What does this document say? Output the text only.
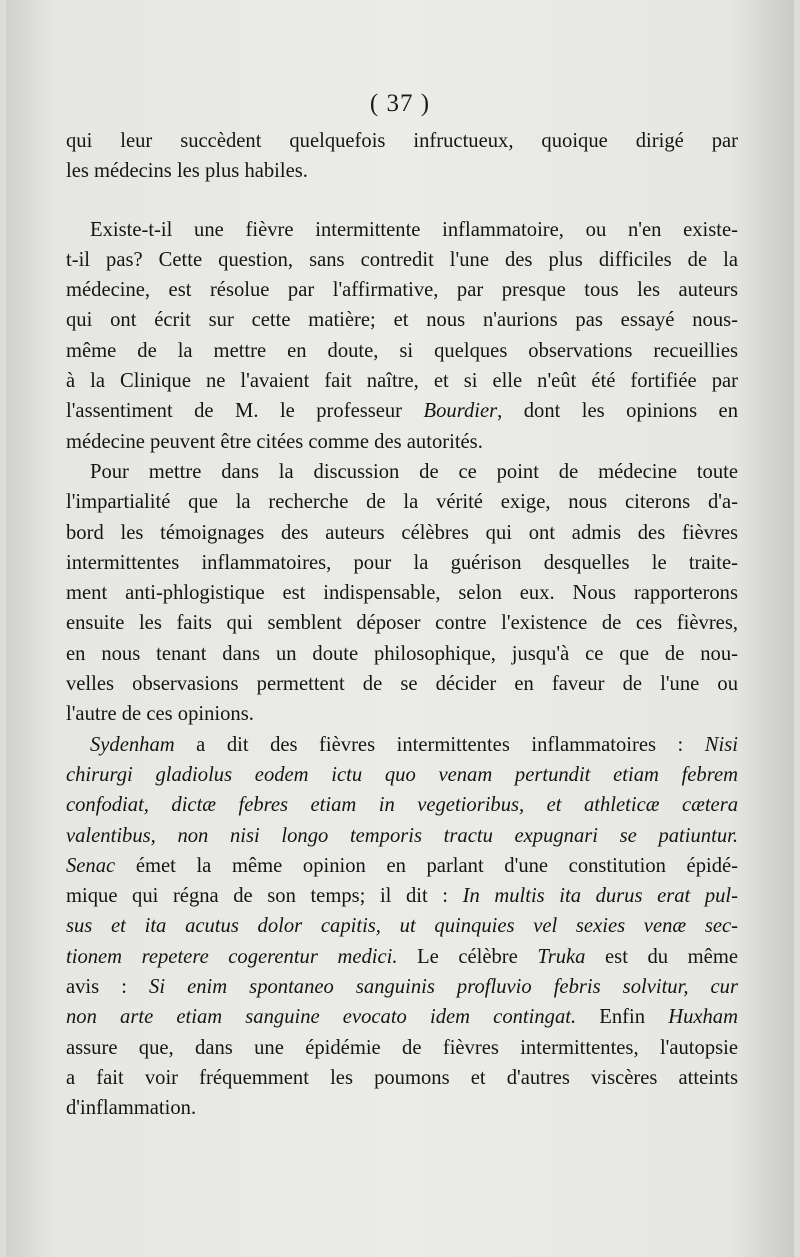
( 37 )
qui leur succèdent quelquefois infructueux, quoique dirigé par
les médecins les plus habiles.
Existe-t-il une fièvre intermittente inflammatoire, ou n'en existe-
t-il pas? Cette question, sans contredit l'une des plus difficiles de la
médecine, est résolue par l'affirmative, par presque tous les auteurs
qui ont écrit sur cette matière; et nous n'aurions pas essayé nous-
même de la mettre en doute, si quelques observations recueillies
à la Clinique ne l'avaient fait naître, et si elle n'eût été fortifiée par
l'assentiment de M. le professeur Bourdier, dont les opinions en
médecine peuvent être citées comme des autorités.
Pour mettre dans la discussion de ce point de médecine toute
l'impartialité que la recherche de la vérité exige, nous citerons d'a-
bord les témoignages des auteurs célèbres qui ont admis des fièvres
intermittentes inflammatoires, pour la guérison desquelles le traite-
ment anti-phlogistique est indispensable, selon eux. Nous rapporterons
ensuite les faits qui semblent déposer contre l'existence de ces fièvres,
en nous tenant dans un doute philosophique, jusqu'à ce que de nou-
velles observasions permettent de se décider en faveur de l'une ou
l'autre de ces opinions.
Sydenham a dit des fièvres intermittentes inflammatoires : Nisi
chirurgi gladiolus eodem ictu quo venam pertundit etiam febrem
confodiat, dictæ febres etiam in vegetioribus, et athleticæ cætera
valentibus, non nisi longo temporis tractu expugnari se patiuntur.
Senac émet la même opinion en parlant d'une constitution épidé-
mique qui régna de son temps; il dit : In multis ita durus erat pul-
sus et ita acutus dolor capitis, ut quinquies vel sexies venæ sec-
tionem repetere cogerentur medici. Le célèbre Truka est du même
avis : Si enim spontaneo sanguinis profluvio febris solvitur, cur
non arte etiam sanguine evocato idem contingat. Enfin Huxham
assure que, dans une épidémie de fièvres intermittentes, l'autopsie
a fait voir fréquemment les poumons et d'autres viscères atteints
d'inflammation.
